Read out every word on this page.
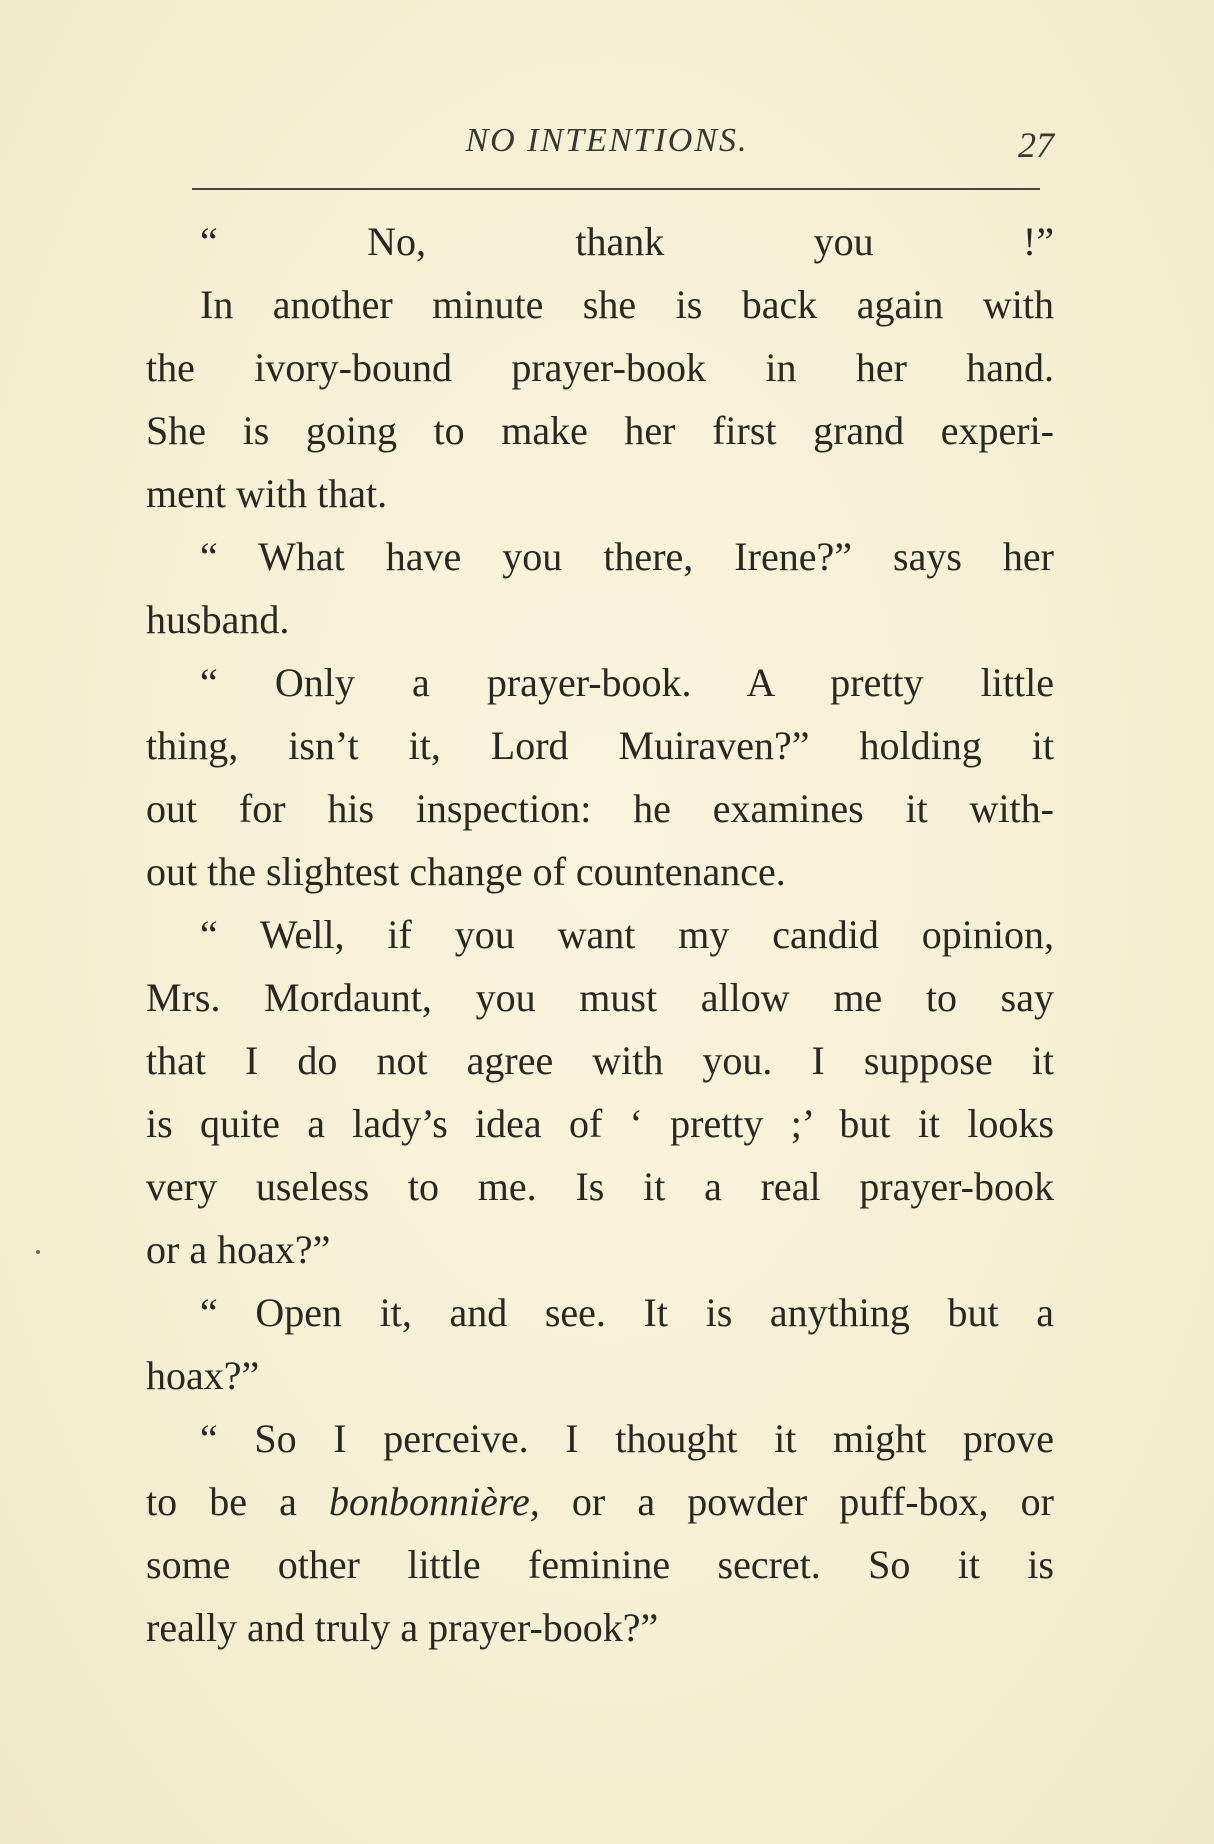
NO INTENTIONS.	27
“ No, thank you !”
In another minute she is back again with
the ivory-bound prayer-book in her hand.
She is going to make her first grand experi-
ment with that.
“ What have you there, Irene?” says her
husband.
“ Only a prayer-book. A pretty little
thing, isn’t it, Lord Muiraven?” holding it
out for his inspection: he examines it with-
out the slightest change of countenance.
“ Well, if you want my candid opinion,
Mrs. Mordaunt, you must allow me to say
that I do not agree with you. I suppose it
is quite a lady’s idea of ‘ pretty ;’ but it looks
very useless to me. Is it a real prayer-book
or a hoax?”
“ Open it, and see. It is anything but a
hoax?”
“ So I perceive. I thought it might prove
to be a bonbonnière, or a powder puff-box, or
some other little feminine secret. So it is
really and truly a prayer-book?”
